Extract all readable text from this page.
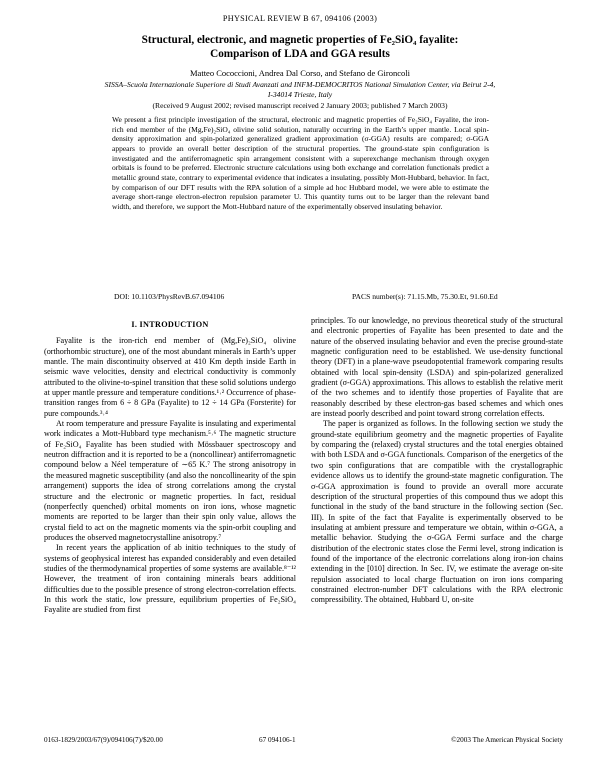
PHYSICAL REVIEW B 67, 094106 (2003)
Structural, electronic, and magnetic properties of Fe₂SiO₄ fayalite:
Comparison of LDA and GGA results
Matteo Cococcioni, Andrea Dal Corso, and Stefano de Gironcoli
SISSA–Scuola Internazionale Superiore di Studi Avanzati and INFM-DEMOCRITOS National Simulation Center, via Beirut 2-4,
I-34014 Trieste, Italy
(Received 9 August 2002; revised manuscript received 2 January 2003; published 7 March 2003)

We present a first principle investigation of the structural, electronic and magnetic properties of Fe₂SiO₄ Fayalite, the iron-rich end member of the (Mg,Fe)₂SiO₄ olivine solid solution, naturally occurring in the Earth’s upper mantle. Local spin-density approximation and spin-polarized generalized gradient approximation (σ-GGA) results are compared; σ-GGA appears to provide an overall better description of the structural properties. The ground-state spin configuration is investigated and the antiferromagnetic spin arrangement consistent with a superexchange mechanism through oxygen orbitals is found to be preferred. Electronic structure calculations using both exchange and correlation functionals predict a metallic ground state, contrary to experimental evidence that indicates a insulating, possibly Mott-Hubbard, behavior. In fact, by comparison of our DFT results with the RPA solution of a simple ad hoc Hubbard model, we were able to estimate the average short-range electron-electron repulsion parameter U. This quantity turns out to be larger than the relevant band width, and therefore, we support the Mott-Hubbard nature of the experimentally observed insulating behavior.

DOI: 10.1103/PhysRevB.67.094106	PACS number(s): 71.15.Mb, 75.30.Et, 91.60.Ed
I. INTRODUCTION

Fayalite is the iron-rich end member of (Mg,Fe)₂SiO₄ olivine (orthorhombic structure), one of the most abundant minerals in Earth’s upper mantle. The main discontinuity observed at 410 Km depth inside Earth in seismic wave velocities, density and electrical conductivity is commonly attributed to the olivine-to-spinel transition that these solid solutions undergo at upper mantle pressure and temperature conditions.¹˒² Occurrence of phase-transition ranges from 6 ÷ 8 GPa (Fayalite) to 12 ÷ 14 GPa (Forsterite) for pure compounds.³˒⁴

At room temperature and pressure Fayalite is insulating and experimental work indicates a Mott-Hubbard type mechanism.⁵˒⁶ The magnetic structure of Fe₂SiO₄ Fayalite has been studied with Mössbauer spectroscopy and neutron diffraction and it is reported to be a (noncollinear) antiferromagnetic compound below a Néel temperature of ∼65 K.⁷ The strong anisotropy in the measured magnetic susceptibility (and also the noncollinearity of the spin arrangement) supports the idea of strong correlations among the crystal structure and the electronic or magnetic properties. In fact, residual (nonperfectly quenched) orbital moments on iron ions, whose magnetic moments are reported to be larger than their spin only value, allows the crystal field to act on the magnetic moments via the spin-orbit coupling and produces the observed magnetocrystalline anisotropy.⁷

In recent years the application of ab initio techniques to the study of systems of geophysical interest has expanded considerably and even detailed studies of the thermodynamical properties of some systems are available.⁸⁻¹² However, the treatment of iron containing minerals bears additional difficulties due to the possible presence of strong electron-correlation effects. In this work the static, low pressure, equilibrium properties of Fe₂SiO₄ Fayalite are studied from first

principles. To our knowledge, no previous theoretical study of the structural and electronic properties of Fayalite has been presented to date and the nature of the observed insulating behavior and even the precise ground-state magnetic configuration need to be established. We use-density functional theory (DFT) in a plane-wave pseudopotential framework comparing results obtained with local spin-density (LSDA) and spin-polarized generalized gradient (σ-GGA) approximations. This allows to establish the relative merit of the two schemes and to identify those properties of Fayalite that are reasonably described by these electron-gas based schemes and which ones are instead poorly described and point toward strong correlation effects.

The paper is organized as follows. In the following section we study the ground-state equilibrium geometry and the magnetic properties of Fayalite by comparing the (relaxed) crystal structures and the total energies obtained with both LSDA and σ-GGA functionals. Comparison of the energetics of the two spin configurations that are compatible with the crystallographic evidence allows us to identify the ground-state magnetic configuration. The σ-GGA approximation is found to provide an overall more accurate description of the structural properties of this compound thus we adopt this functional in the study of the band structure in the following section (Sec. III). In spite of the fact that Fayalite is experimentally observed to be insulating at ambient pressure and temperature we obtain, within σ-GGA, a metallic behavior. Studying the σ-GGA Fermi surface and the charge distribution of the electronic states close the Fermi level, strong indication is found of the importance of the electronic correlations along iron-ion chains extending in the [010] direction. In Sec. IV, we estimate the average on-site repulsion associated to local charge fluctuation on iron ions comparing constrained electron-number DFT calculations with the RPA electronic compressibility. The obtained, Hubbard U, on-site

0163-1829/2003/67(9)/094106(7)/$20.00	67 094106-1	©2003 The American Physical Society
